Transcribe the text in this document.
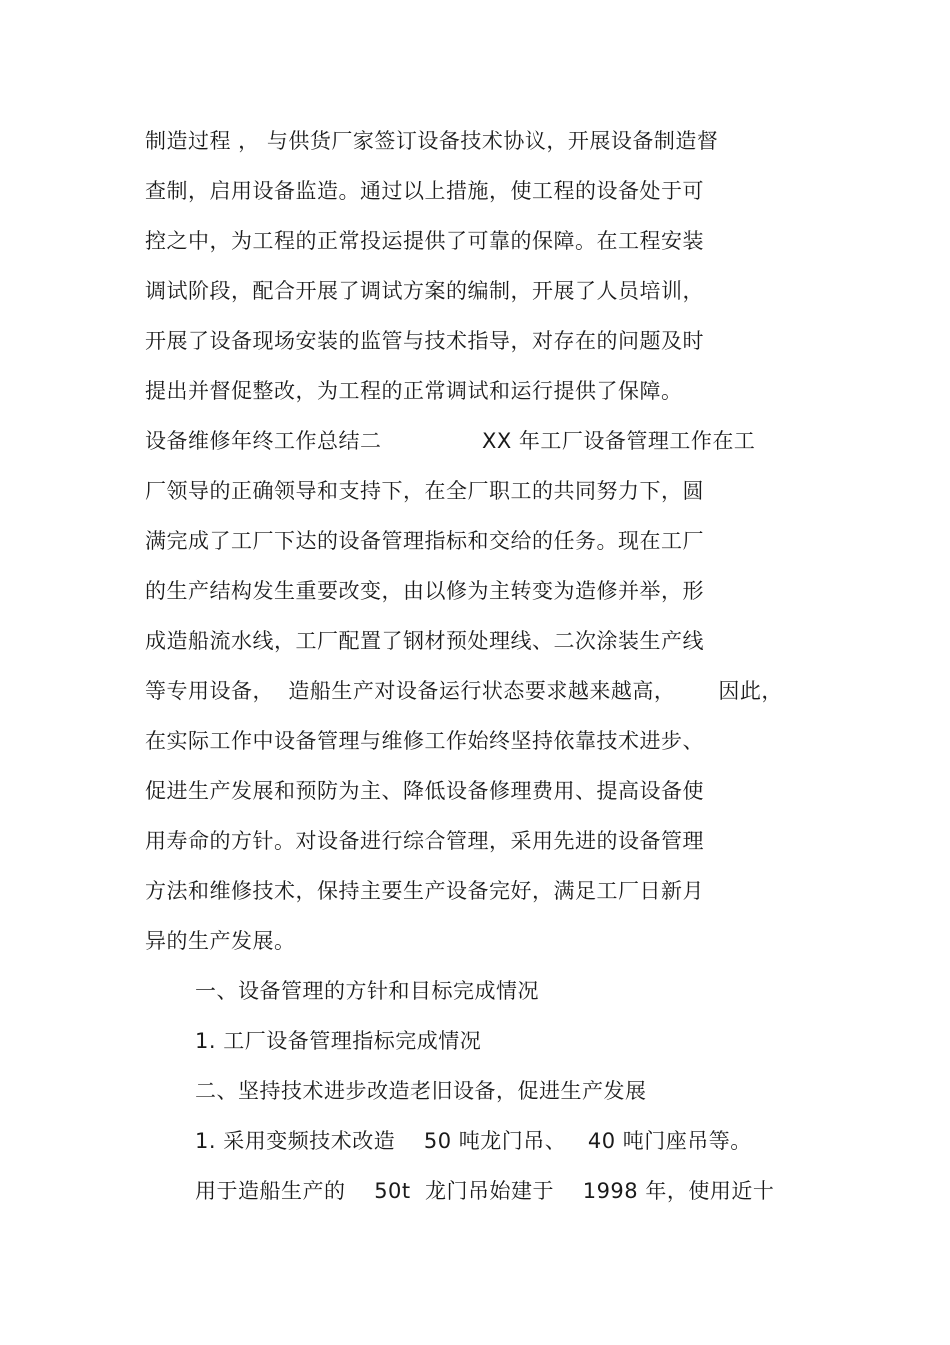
制造过程 ， 与供货厂家签订设备技术协议，开展设备制造督
查制，启用设备监造。通过以上措施，使工程的设备处于可
控之中，为工程的正常投运提供了可靠的保障。在工程安装
调试阶段，配合开展了调试方案的编制，开展了人员培训，
开展了设备现场安装的监管与技术指导，对存在的问题及时
提出并督促整改，为工程的正常调试和运行提供了保障。
设备维修年终工作总结二              XX 年工厂设备管理工作在工
厂领导的正确领导和支持下，在全厂职工的共同努力下，圆
满完成了工厂下达的设备管理指标和交给的任务。现在工厂
的生产结构发生重要改变，由以修为主转变为造修并举，形
成造船流水线，工厂配置了钢材预处理线、二次涂装生产线
等专用设备，  造船生产对设备运行状态要求越来越高，      因此，
在实际工作中设备管理与维修工作始终坚持依靠技术进步、
促进生产发展和预防为主、降低设备修理费用、提高设备使
用寿命的方针。对设备进行综合管理，采用先进的设备管理
方法和维修技术，保持主要生产设备完好，满足工厂日新月
异的生产发展。
一、设备管理的方针和目标完成情况
1. 工厂设备管理指标完成情况
二、坚持技术进步改造老旧设备，促进生产发展
1. 采用变频技术改造    50 吨龙门吊、   40 吨门座吊等。
用于造船生产的    50t  龙门吊始建于    1998 年，使用近十
